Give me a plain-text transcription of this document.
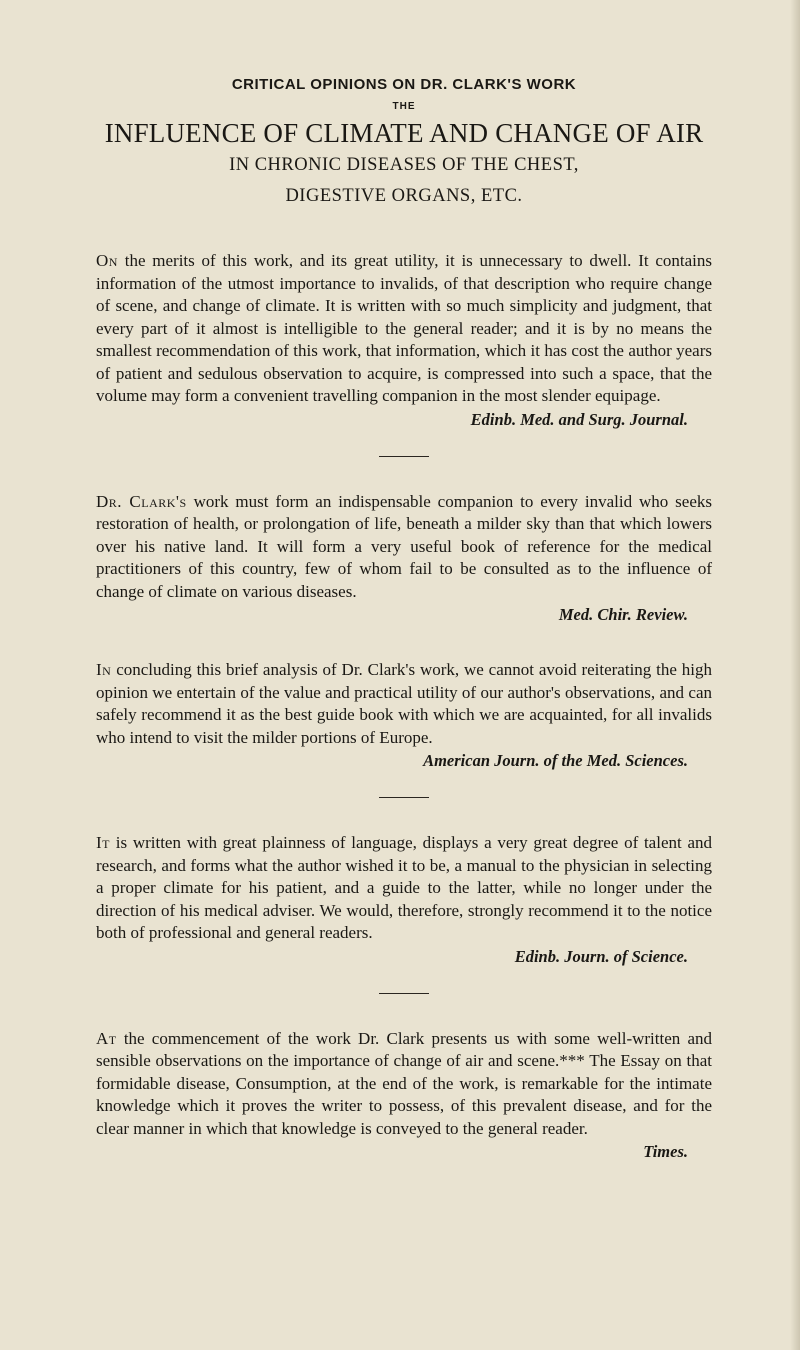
CRITICAL OPINIONS ON DR. CLARK'S WORK
THE
INFLUENCE OF CLIMATE AND CHANGE OF AIR
IN CHRONIC DISEASES OF THE CHEST,
DIGESTIVE ORGANS, ETC.

On the merits of this work, and its great utility, it is unnecessary to dwell. It contains information of the utmost importance to invalids, of that description who require change of scene, and change of climate. It is written with so much simplicity and judgment, that every part of it almost is intelligible to the general reader; and it is by no means the smallest recommendation of this work, that information, which it has cost the author years of patient and sedulous observation to acquire, is compressed into such a space, that the volume may form a convenient travelling companion in the most slender equipage.

Edinb. Med. and Surg. Journal.

Dr. Clark's work must form an indispensable companion to every invalid who seeks restoration of health, or prolongation of life, beneath a milder sky than that which lowers over his native land. It will form a very useful book of reference for the medical practitioners of this country, few of whom fail to be consulted as to the influence of change of climate on various diseases.

Med. Chir. Review.

In concluding this brief analysis of Dr. Clark's work, we cannot avoid reiterating the high opinion we entertain of the value and practical utility of our author's observations, and can safely recommend it as the best guide book with which we are acquainted, for all invalids who intend to visit the milder portions of Europe.

American Journ. of the Med. Sciences.

It is written with great plainness of language, displays a very great degree of talent and research, and forms what the author wished it to be, a manual to the physician in selecting a proper climate for his patient, and a guide to the latter, while no longer under the direction of his medical adviser. We would, therefore, strongly recommend it to the notice both of professional and general readers.

Edinb. Journ. of Science.

At the commencement of the work Dr. Clark presents us with some well-written and sensible observations on the importance of change of air and scene.*** The Essay on that formidable disease, Consumption, at the end of the work, is remarkable for the intimate knowledge which it proves the writer to possess, of this prevalent disease, and for the clear manner in which that knowledge is conveyed to the general reader.

Times.
